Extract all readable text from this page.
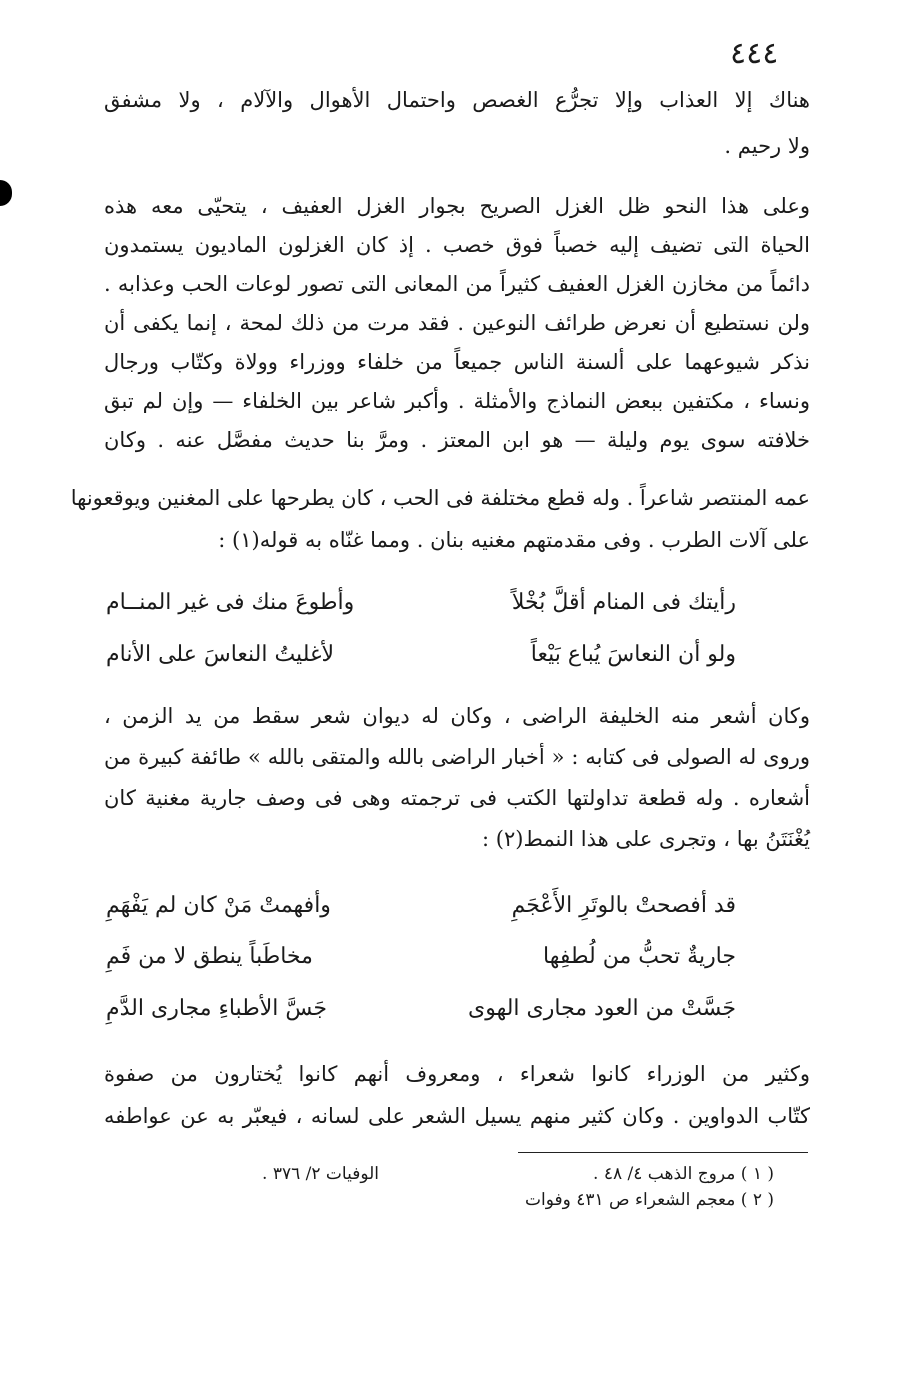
٤٤٤
هناك إلا العذاب وإلا تجرُّع الغصص واحتمال الأهوال والآلام ، ولا مشفق
ولا رحيم .
وعلى هذا النحو ظل الغزل الصريح بجوار الغزل العفيف ، يتحيّى معه هذه
الحياة التى تضيف إليه خصباً فوق خصب . إذ كان الغزلون الماديون يستمدون
دائماً من مخازن الغزل العفيف كثيراً من المعانى التى تصور لوعات الحب وعذابه .
ولن نستطيع أن نعرض طرائف النوعين . فقد مرت من ذلك لمحة ، إنما يكفى أن
نذكر شيوعهما على ألسنة الناس جميعاً من خلفاء ووزراء وولاة وكتّاب ورجال
ونساء ، مكتفين ببعض النماذج والأمثلة . وأكبر شاعر بين الخلفاء — وإن لم تبق
خلافته سوى يوم وليلة — هو ابن المعتز . ومرَّ بنا حديث مفصَّل عنه . وكان
عمه المنتصر شاعراً . وله قطع مختلفة فى الحب ، كان يطرحها على المغنين ويوقعونها
على آلات الطرب . وفى مقدمتهم مغنيه بنان . ومما غنّاه به قوله(١) :
رأيتك فى المنام أقلَّ بُخْلاً
وأطوعَ منك فى غير المنــام
ولو أن النعاسَ يُباع بَيْعاً
لأغليتُ النعاسَ على الأنام
وكان أشعر منه الخليفة الراضى ، وكان له ديوان شعر سقط من يد الزمن ،
وروى له الصولى فى كتابه : « أخبار الراضى بالله والمتقى بالله » طائفة كبيرة من
أشعاره . وله قطعة تداولتها الكتب فى ترجمته وهى فى وصف جارية مغنية كان
يُغْنَتَنُ بها ، وتجرى على هذا النمط(٢) :
قد أفصحتْ بالوتَرِ الأَعْجَمِ
وأفهمتْ مَنْ كان لم يَفْهَمِ
جاريةٌ تحبُّ من لُطفِها
مخاطَباً ينطق لا من فَمِ
جَسَّتْ من العود مجارى الهوى
جَسَّ الأطباءِ مجارى الدَّمِ
وكثير من الوزراء كانوا شعراء ، ومعروف أنهم كانوا يُختارون من صفوة
كتّاب الدواوين . وكان كثير منهم يسيل الشعر على لسانه ، فيعبّر به عن عواطفه
( ١ ) مروج الذهب ٤/ ٤٨ .
الوفيات ٢/ ٣٧٦ .
( ٢ ) معجم الشعراء ص ٤٣١ وفوات
